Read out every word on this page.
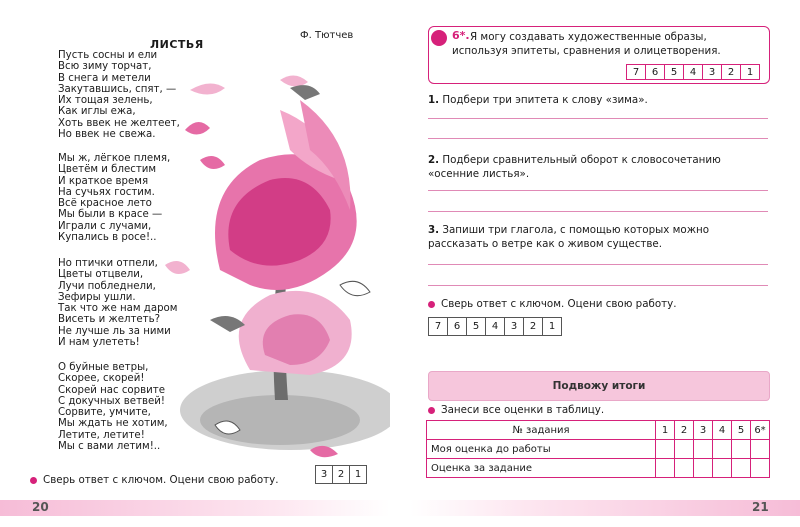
Ф. Тютчев
ЛИСТЬЯ
Пусть сосны и ели
Всю зиму торчат,
В снега и метели
Закутавшись, спят, —
Их тощая зелень,
Как иглы ежа,
Хоть ввек не желтеет,
Но ввек не свежа.
Мы ж, лёгкое племя,
Цветём и блестим
И краткое время
На сучьях гостим.
Всё красное лето
Мы были в красе —
Играли с лучами,
Купались в росе!..
Но птички отпели,
Цветы отцвели,
Лучи побледнели,
Зефиры ушли.
Так что же нам даром
Висеть и желтеть?
Не лучше ль за ними
И нам улететь!
О буйные ветры,
Скорее, скорей!
Скорей нас сорвите
С докучных ветвей!
Сорвите, умчите,
Мы ждать не хотим,
Летите, летите!
Мы с вами летим!..
Сверь ответ с ключом. Оцени свою работу.	3	2	1
20
6*. Я могу создавать художественные образы, используя эпитеты, сравнения и олицетворения.
7	6	5	4	3	2	1
1. Подбери три эпитета к слову «зима».
2. Подбери сравнительный оборот к словосочетанию «осенние листья».
3. Запиши три глагола, с помощью которых можно рассказать о ветре как о живом существе.
Сверь ответ с ключом. Оцени свою работу.
7	6	5	4	3	2	1
Подвожу итоги
Занеси все оценки в таблицу.
№ задания	1	2	3	4	5	6*
Моя оценка до работы						
Оценка за задание						
21
